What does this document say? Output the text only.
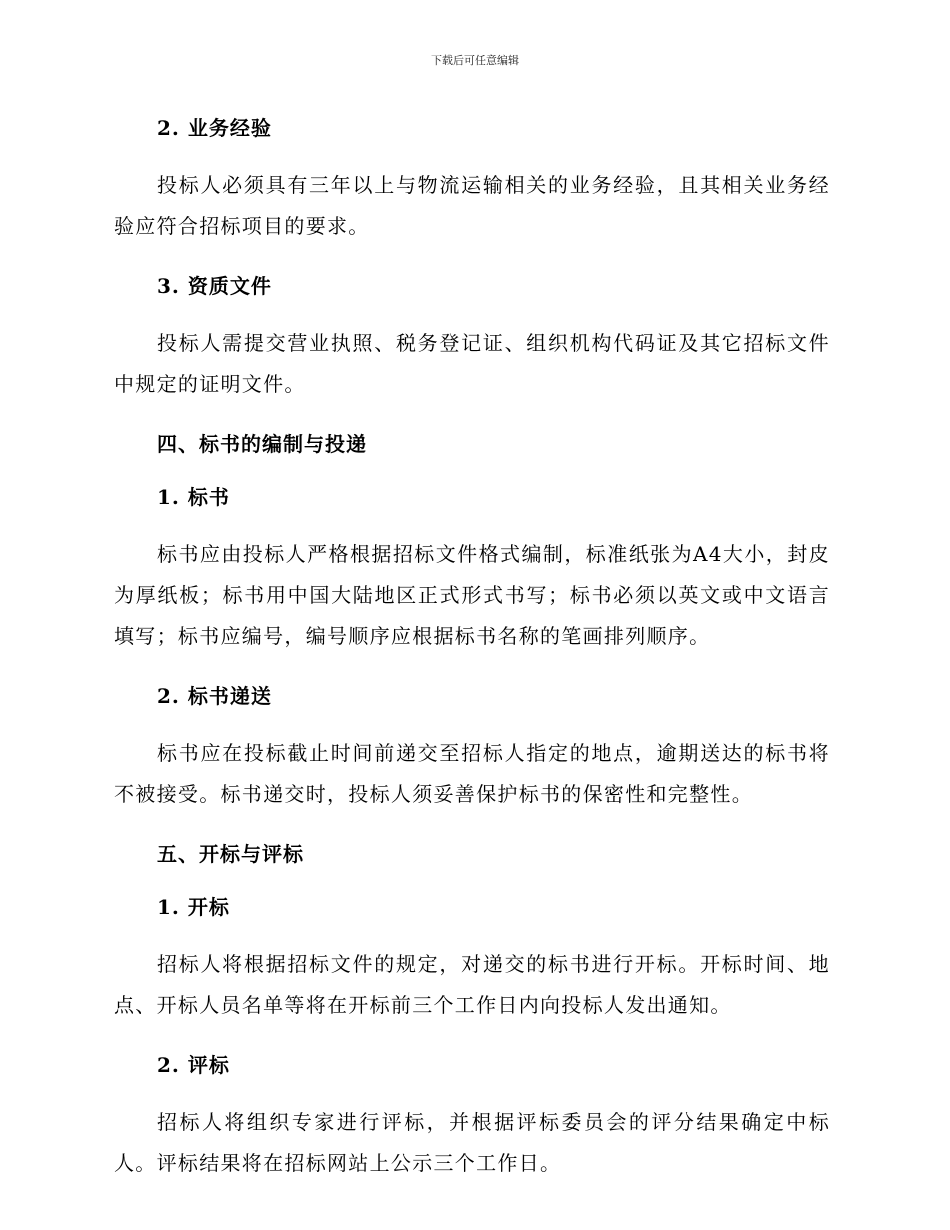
下载后可任意编辑
2. 业务经验

投标人必须具有三年以上与物流运输相关的业务经验，且其相关业务经验应符合招标项目的要求。

3. 资质文件

投标人需提交营业执照、税务登记证、组织机构代码证及其它招标文件中规定的证明文件。

四、标书的编制与投递
1. 标书

标书应由投标人严格根据招标文件格式编制，标准纸张为A4大小，封皮为厚纸板；标书用中国大陆地区正式形式书写；标书必须以英文或中文语言填写；标书应编号，编号顺序应根据标书名称的笔画排列顺序。

2. 标书递送

标书应在投标截止时间前递交至招标人指定的地点，逾期送达的标书将不被接受。标书递交时，投标人须妥善保护标书的保密性和完整性。

五、开标与评标
1. 开标

招标人将根据招标文件的规定，对递交的标书进行开标。开标时间、地点、开标人员名单等将在开标前三个工作日内向投标人发出通知。

2. 评标

招标人将组织专家进行评标，并根据评标委员会的评分结果确定中标人。评标结果将在招标网站上公示三个工作日。
